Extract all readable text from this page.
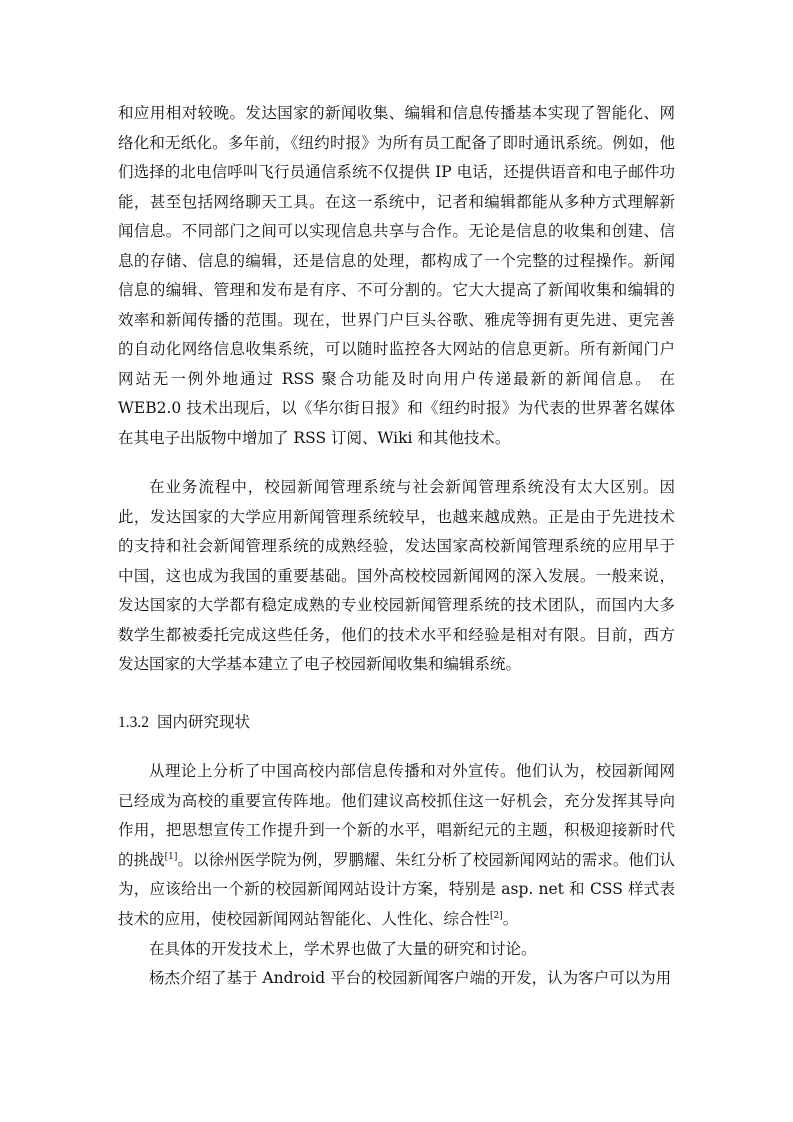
和应用相对较晚。发达国家的新闻收集、编辑和信息传播基本实现了智能化、网络化和无纸化。多年前，《纽约时报》为所有员工配备了即时通讯系统。例如，他们选择的北电信呼叫飞行员通信系统不仅提供 IP 电话，还提供语音和电子邮件功能，甚至包括网络聊天工具。在这一系统中，记者和编辑都能从多种方式理解新闻信息。不同部门之间可以实现信息共享与合作。无论是信息的收集和创建、信息的存储、信息的编辑，还是信息的处理，都构成了一个完整的过程操作。新闻信息的编辑、管理和发布是有序、不可分割的。它大大提高了新闻收集和编辑的效率和新闻传播的范围。现在，世界门户巨头谷歌、雅虎等拥有更先进、更完善的自动化网络信息收集系统，可以随时监控各大网站的信息更新。所有新闻门户网站无一例外地通过 RSS 聚合功能及时向用户传递最新的新闻信息。 在 WEB2.0 技术出现后，以《华尔街日报》和《纽约时报》为代表的世界著名媒体在其电子出版物中增加了 RSS 订阅、Wiki 和其他技术。

在业务流程中，校园新闻管理系统与社会新闻管理系统没有太大区别。因此，发达国家的大学应用新闻管理系统较早，也越来越成熟。正是由于先进技术的支持和社会新闻管理系统的成熟经验，发达国家高校新闻管理系统的应用早于中国，这也成为我国的重要基础。国外高校校园新闻网的深入发展。一般来说，发达国家的大学都有稳定成熟的专业校园新闻管理系统的技术团队，而国内大多数学生都被委托完成这些任务，他们的技术水平和经验是相对有限。目前，西方发达国家的大学基本建立了电子校园新闻收集和编辑系统。

1.3.2 国内研究现状

从理论上分析了中国高校内部信息传播和对外宣传。他们认为，校园新闻网已经成为高校的重要宣传阵地。他们建议高校抓住这一好机会，充分发挥其导向作用，把思想宣传工作提升到一个新的水平，唱新纪元的主题，积极迎接新时代的挑战[1]。以徐州医学院为例，罗鹏耀、朱红分析了校园新闻网站的需求。他们认为，应该给出一个新的校园新闻网站设计方案，特别是 asp. net 和 CSS 样式表技术的应用，使校园新闻网站智能化、人性化、综合性[2]。

在具体的开发技术上，学术界也做了大量的研究和讨论。

杨杰介绍了基于 Android 平台的校园新闻客户端的开发，认为客户可以为用
